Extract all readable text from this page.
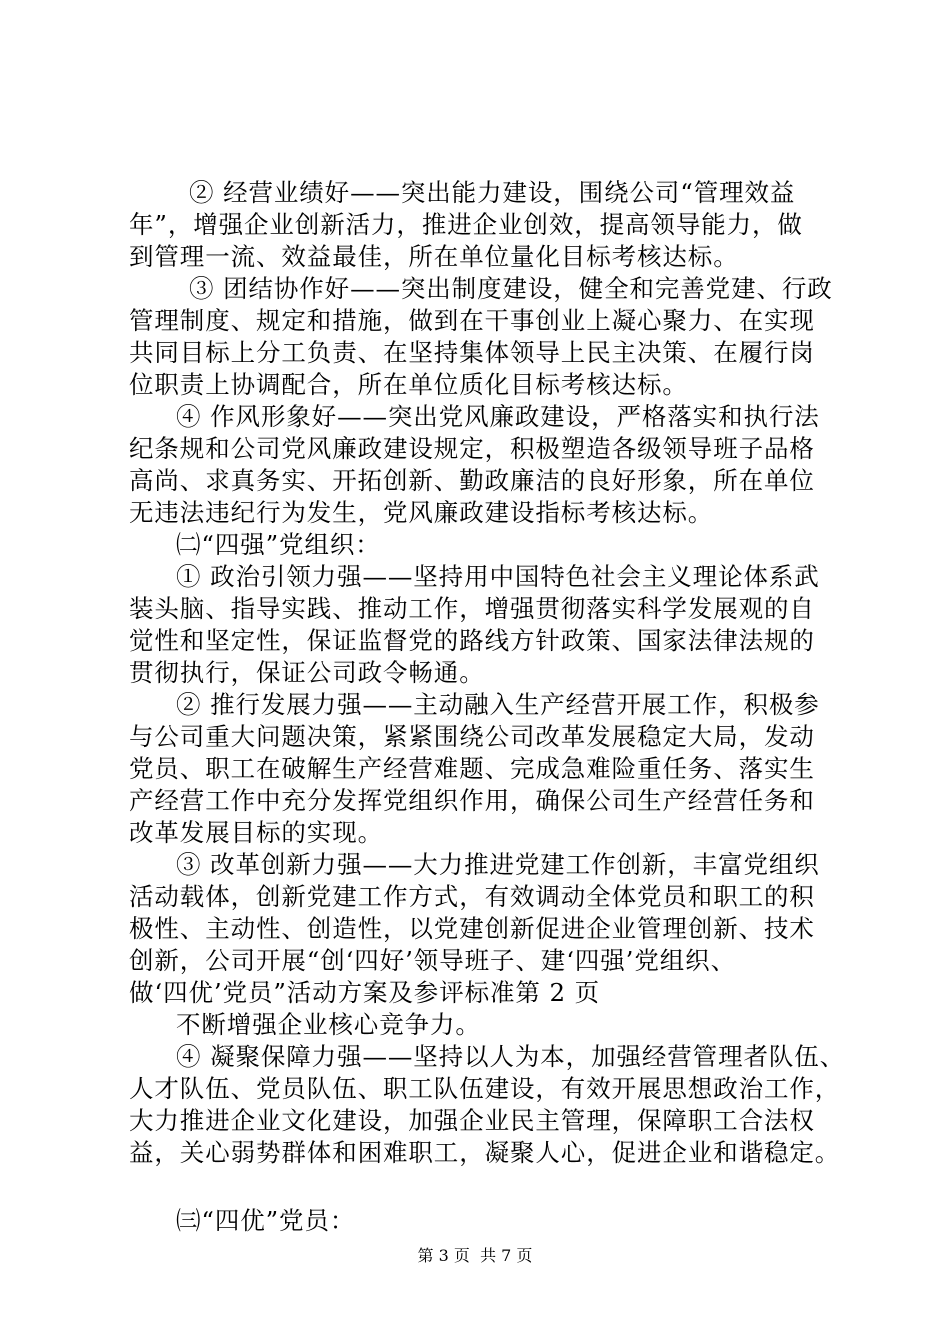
② 经营业绩好——突出能力建设，围绕公司“管理效益
年”，增强企业创新活力，推进企业创效，提高领导能力，做
到管理一流、效益最佳，所在单位量化目标考核达标。
③ 团结协作好——突出制度建设，健全和完善党建、行政
管理制度、规定和措施，做到在干事创业上凝心聚力、在实现
共同目标上分工负责、在坚持集体领导上民主决策、在履行岗
位职责上协调配合，所在单位质化目标考核达标。
④ 作风形象好——突出党风廉政建设，严格落实和执行法
纪条规和公司党风廉政建设规定，积极塑造各级领导班子品格
高尚、求真务实、开拓创新、勤政廉洁的良好形象，所在单位
无违法违纪行为发生，党风廉政建设指标考核达标。
㈡“四强”党组织：
① 政治引领力强——坚持用中国特色社会主义理论体系武
装头脑、指导实践、推动工作，增强贯彻落实科学发展观的自
觉性和坚定性，保证监督党的路线方针政策、国家法律法规的
贯彻执行，保证公司政令畅通。
② 推行发展力强——主动融入生产经营开展工作，积极参
与公司重大问题决策，紧紧围绕公司改革发展稳定大局，发动
党员、职工在破解生产经营难题、完成急难险重任务、落实生
产经营工作中充分发挥党组织作用，确保公司生产经营任务和
改革发展目标的实现。
③ 改革创新力强——大力推进党建工作创新，丰富党组织
活动载体，创新党建工作方式，有效调动全体党员和职工的积
极性、主动性、创造性，以党建创新促进企业管理创新、技术
创新，公司开展“创‘四好’领导班子、建‘四强’党组织、
做‘四优’党员”活动方案及参评标准第 2 页
不断增强企业核心竞争力。
④ 凝聚保障力强——坚持以人为本，加强经营管理者队伍、
人才队伍、党员队伍、职工队伍建设，有效开展思想政治工作，
大力推进企业文化建设，加强企业民主管理，保障职工合法权
益，关心弱势群体和困难职工，凝聚人心，促进企业和谐稳定。
㈢“四优”党员：
第 3 页  共 7 页
